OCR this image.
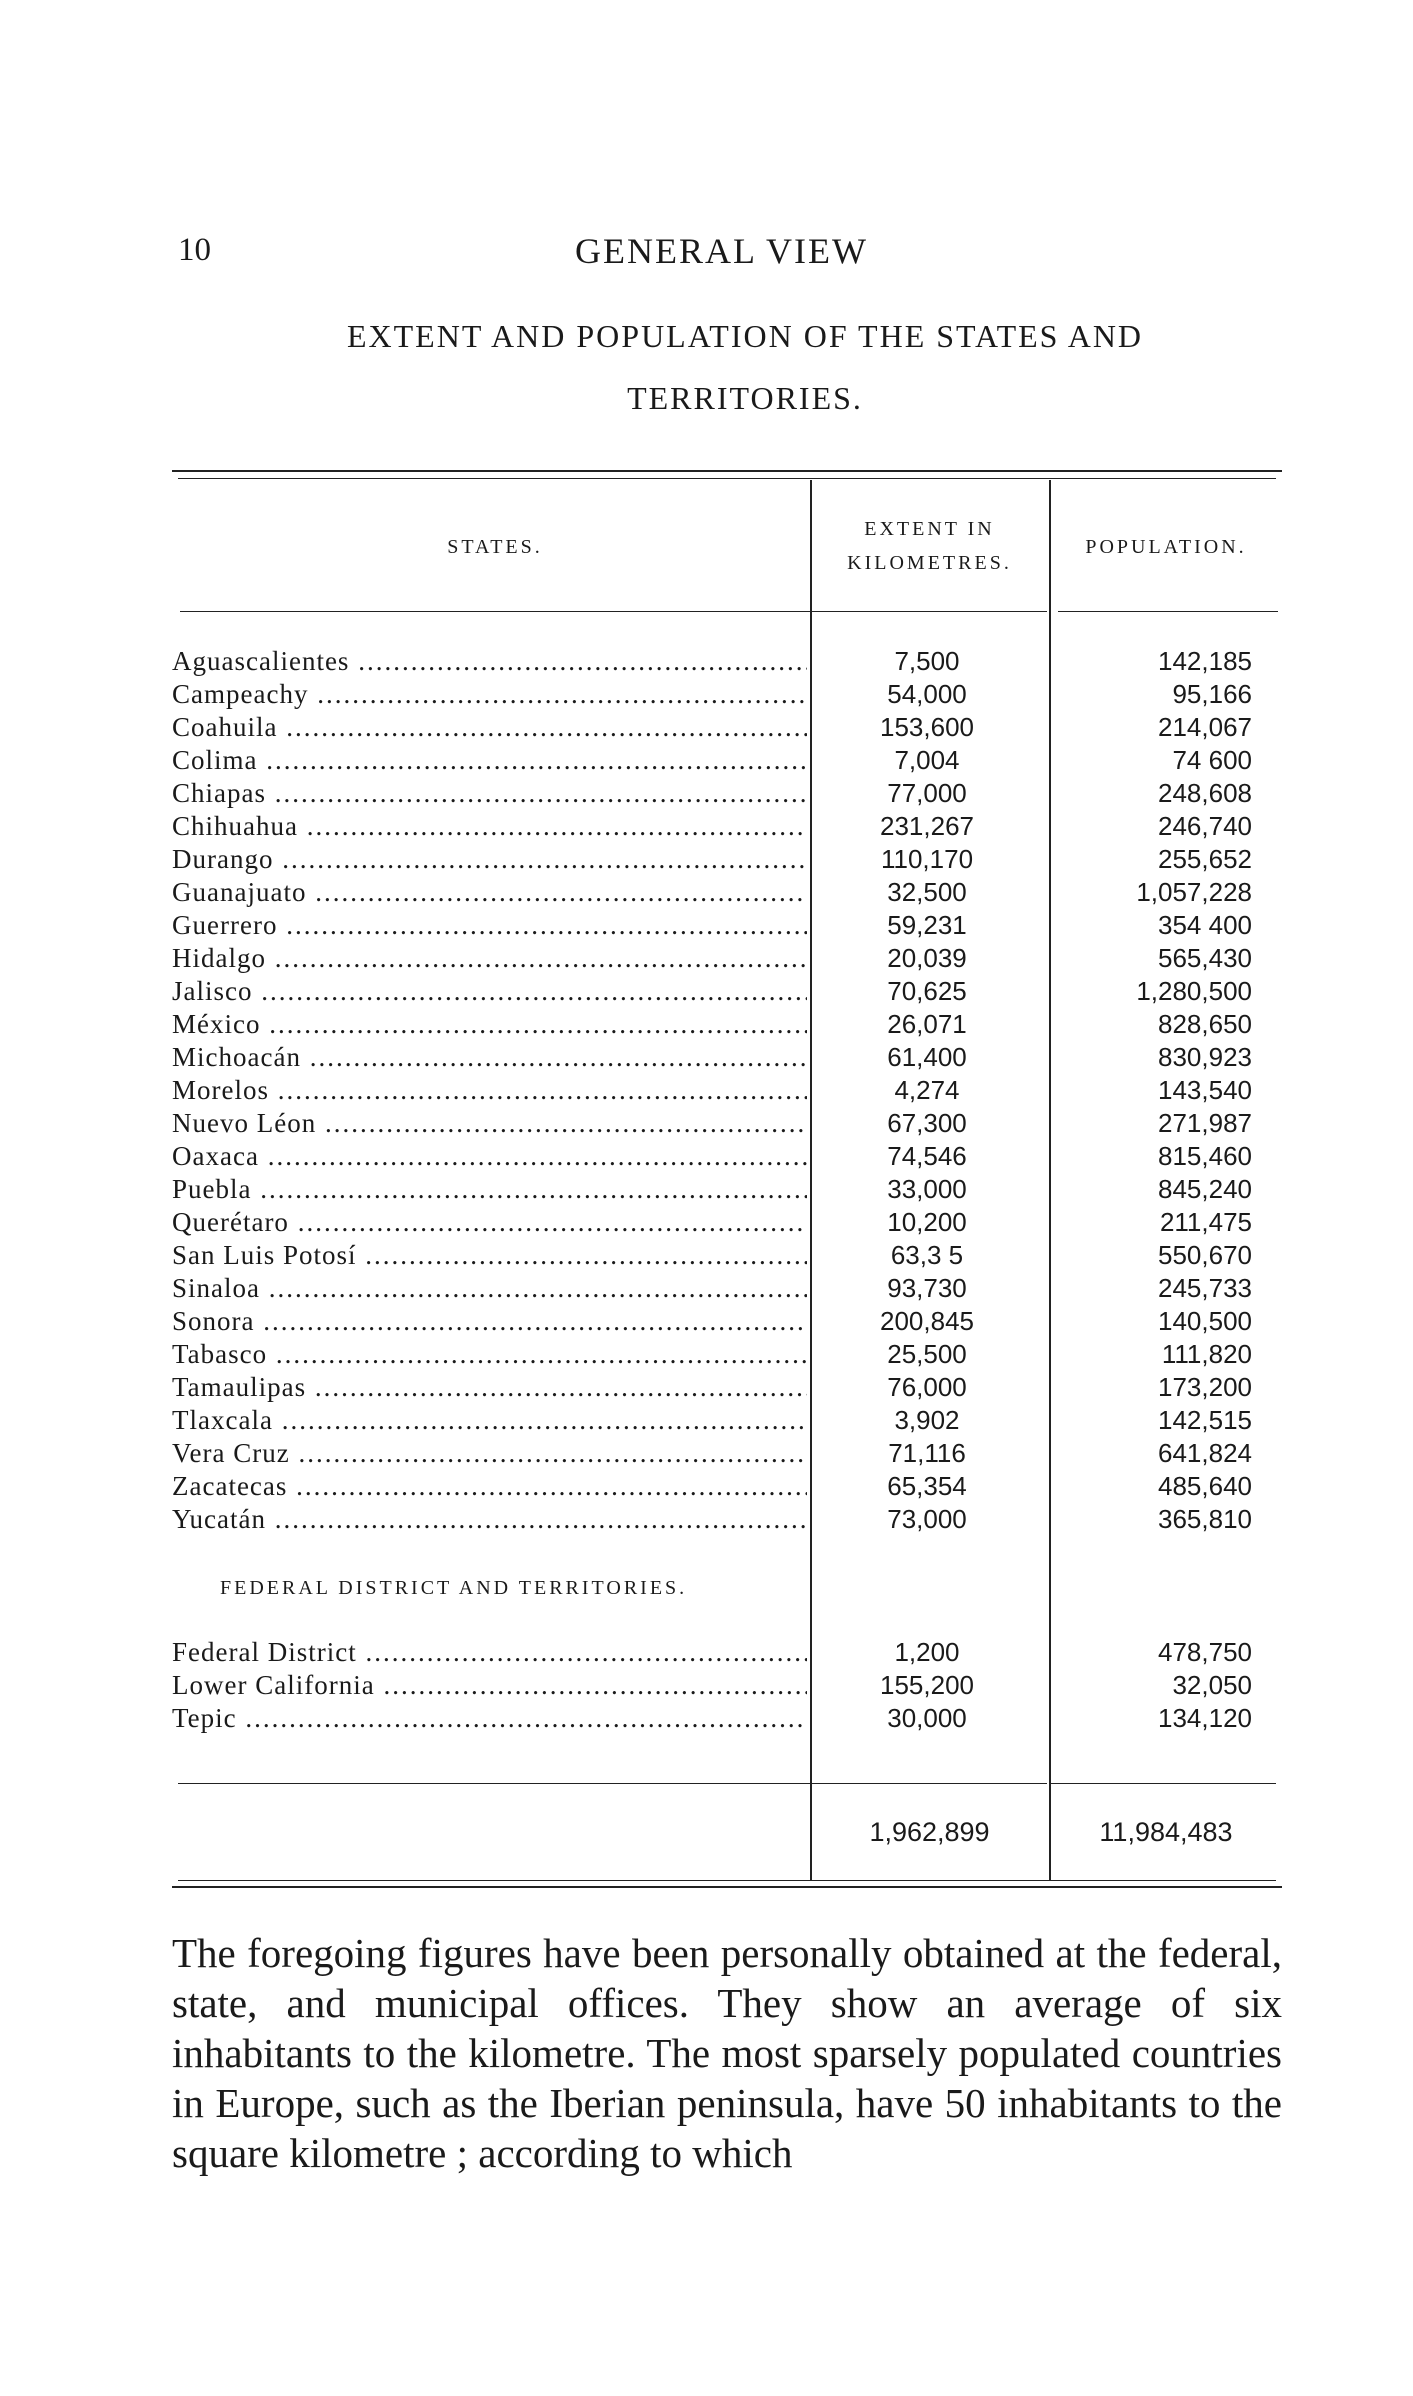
10	GENERAL VIEW
EXTENT AND POPULATION OF THE STATES AND
TERRITORIES.
STATES.
EXTENT IN
KILOMETRES.
POPULATION.
Aguascalientes .....	7,500	142,185
Campeachy .....	54,000	95,166
Coahuila .....	153,600	214,067
Colima .....	7,004	74 600
Chiapas .....	77,000	248,608
Chihuahua .....	231,267	246,740
Durango .....	110,170	255,652
Guanajuato .....	32,500	1,057,228
Guerrero .....	59,231	354 400
Hidalgo .....	20,039	565,430
Jalisco .....	70,625	1,280,500
México .....	26,071	828,650
Michoacán .....	61,400	830,923
Morelos .....	4,274	143,540
Nuevo Léon .....	67,300	271,987
Oaxaca .....	74,546	815,460
Puebla .....	33,000	845,240
Querétaro .....	10,200	211,475
San Luis Potosí .....	63,3 5	550,670
Sinaloa .....	93,730	245,733
Sonora .....	200,845	140,500
Tabasco .....	25,500	111,820
Tamaulipas .....	76,000	173,200
Tlaxcala .....	3,902	142,515
Vera Cruz .....	71,116	641,824
Zacatecas .....	65,354	485,640
Yucatán .....	73,000	365,810
FEDERAL DISTRICT AND TERRITORIES.
Federal District .....	1,200	478,750
Lower California .....	155,200	32,050
Tepic .....	30,000	134,120
1,962,899	11,984,483

The foregoing figures have been personally obtained at the federal, state, and municipal offices. They show an average of six inhabitants to the kilometre. The most sparsely populated countries in Europe, such as the Iberian peninsula, have 50 inhabitants to the square kilometre ; according to which
